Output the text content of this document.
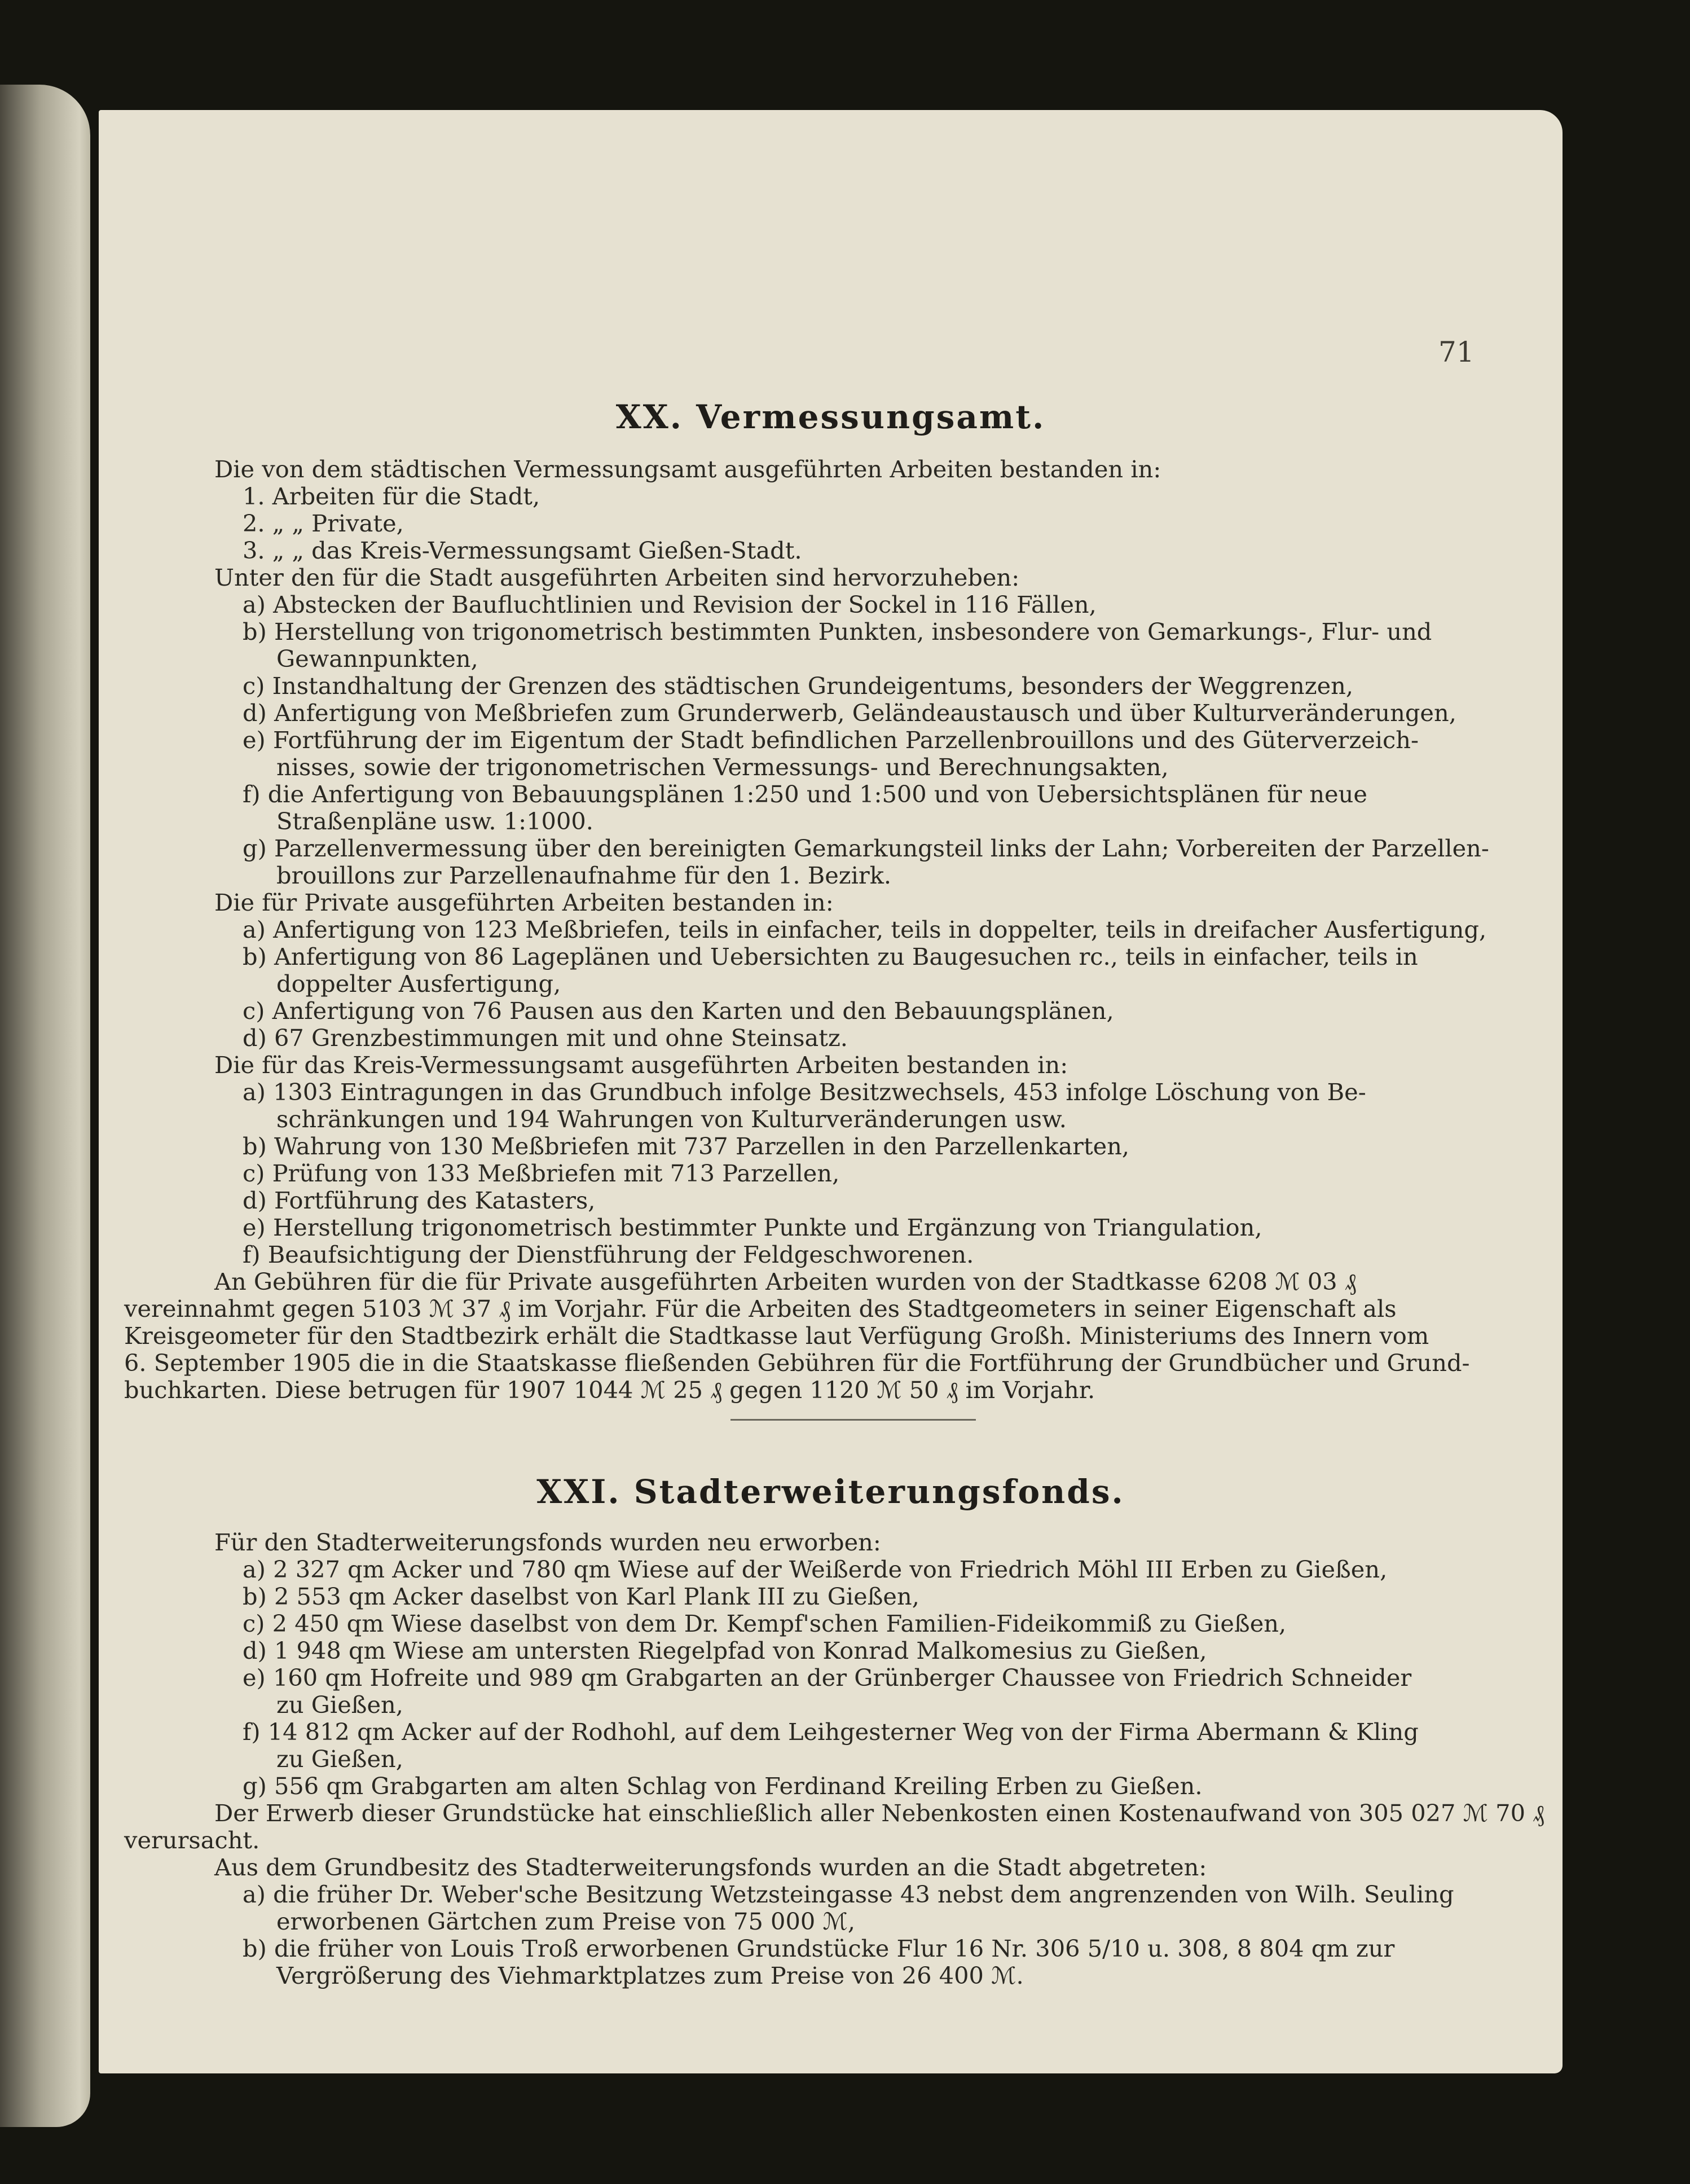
71
XX. Vermessungsamt.
Die von dem städtischen Vermessungsamt ausgeführten Arbeiten bestanden in:
1. Arbeiten für die Stadt,
2. „ „ Private,
3. „ „ das Kreis-Vermessungsamt Gießen-Stadt.
Unter den für die Stadt ausgeführten Arbeiten sind hervorzuheben:
a) Abstecken der Baufluchtlinien und Revision der Sockel in 116 Fällen,
b) Herstellung von trigonometrisch bestimmten Punkten, insbesondere von Gemarkungs-, Flur- und
Gewannpunkten,
c) Instandhaltung der Grenzen des städtischen Grundeigentums, besonders der Weggrenzen,
d) Anfertigung von Meßbriefen zum Grunderwerb, Geländeaustausch und über Kulturveränderungen,
e) Fortführung der im Eigentum der Stadt befindlichen Parzellenbrouillons und des Güterverzeich-
nisses, sowie der trigonometrischen Vermessungs- und Berechnungsakten,
f) die Anfertigung von Bebauungsplänen 1:250 und 1:500 und von Uebersichtsplänen für neue
Straßenpläne usw. 1:1000.
g) Parzellenvermessung über den bereinigten Gemarkungsteil links der Lahn; Vorbereiten der Parzellen-
brouillons zur Parzellenaufnahme für den 1. Bezirk.
Die für Private ausgeführten Arbeiten bestanden in:
a) Anfertigung von 123 Meßbriefen, teils in einfacher, teils in doppelter, teils in dreifacher Ausfertigung,
b) Anfertigung von 86 Lageplänen und Uebersichten zu Baugesuchen rc., teils in einfacher, teils in
doppelter Ausfertigung,
c) Anfertigung von 76 Pausen aus den Karten und den Bebauungsplänen,
d) 67 Grenzbestimmungen mit und ohne Steinsatz.
Die für das Kreis-Vermessungsamt ausgeführten Arbeiten bestanden in:
a) 1303 Eintragungen in das Grundbuch infolge Besitzwechsels, 453 infolge Löschung von Be-
schränkungen und 194 Wahrungen von Kulturveränderungen usw.
b) Wahrung von 130 Meßbriefen mit 737 Parzellen in den Parzellenkarten,
c) Prüfung von 133 Meßbriefen mit 713 Parzellen,
d) Fortführung des Katasters,
e) Herstellung trigonometrisch bestimmter Punkte und Ergänzung von Triangulation,
f) Beaufsichtigung der Dienstführung der Feldgeschworenen.
An Gebühren für die für Private ausgeführten Arbeiten wurden von der Stadtkasse 6208 ℳ 03 ₰
vereinnahmt gegen 5103 ℳ 37 ₰ im Vorjahr. Für die Arbeiten des Stadtgeometers in seiner Eigenschaft als
Kreisgeometer für den Stadtbezirk erhält die Stadtkasse laut Verfügung Großh. Ministeriums des Innern vom
6. September 1905 die in die Staatskasse fließenden Gebühren für die Fortführung der Grundbücher und Grund-
buchkarten. Diese betrugen für 1907 1044 ℳ 25 ₰ gegen 1120 ℳ 50 ₰ im Vorjahr.
XXI. Stadterweiterungsfonds.
Für den Stadterweiterungsfonds wurden neu erworben:
a) 2 327 qm Acker und 780 qm Wiese auf der Weißerde von Friedrich Möhl III Erben zu Gießen,
b) 2 553 qm Acker daselbst von Karl Plank III zu Gießen,
c) 2 450 qm Wiese daselbst von dem Dr. Kempf'schen Familien-Fideikommiß zu Gießen,
d) 1 948 qm Wiese am untersten Riegelpfad von Konrad Malkomesius zu Gießen,
e) 160 qm Hofreite und 989 qm Grabgarten an der Grünberger Chaussee von Friedrich Schneider
zu Gießen,
f) 14 812 qm Acker auf der Rodhohl, auf dem Leihgesterner Weg von der Firma Abermann & Kling
zu Gießen,
g) 556 qm Grabgarten am alten Schlag von Ferdinand Kreiling Erben zu Gießen.
Der Erwerb dieser Grundstücke hat einschließlich aller Nebenkosten einen Kostenaufwand von 305 027 ℳ 70 ₰
verursacht.
Aus dem Grundbesitz des Stadterweiterungsfonds wurden an die Stadt abgetreten:
a) die früher Dr. Weber'sche Besitzung Wetzsteingasse 43 nebst dem angrenzenden von Wilh. Seuling
erworbenen Gärtchen zum Preise von 75 000 ℳ,
b) die früher von Louis Troß erworbenen Grundstücke Flur 16 Nr. 306 5/10 u. 308, 8 804 qm zur
Vergrößerung des Viehmarktplatzes zum Preise von 26 400 ℳ.
